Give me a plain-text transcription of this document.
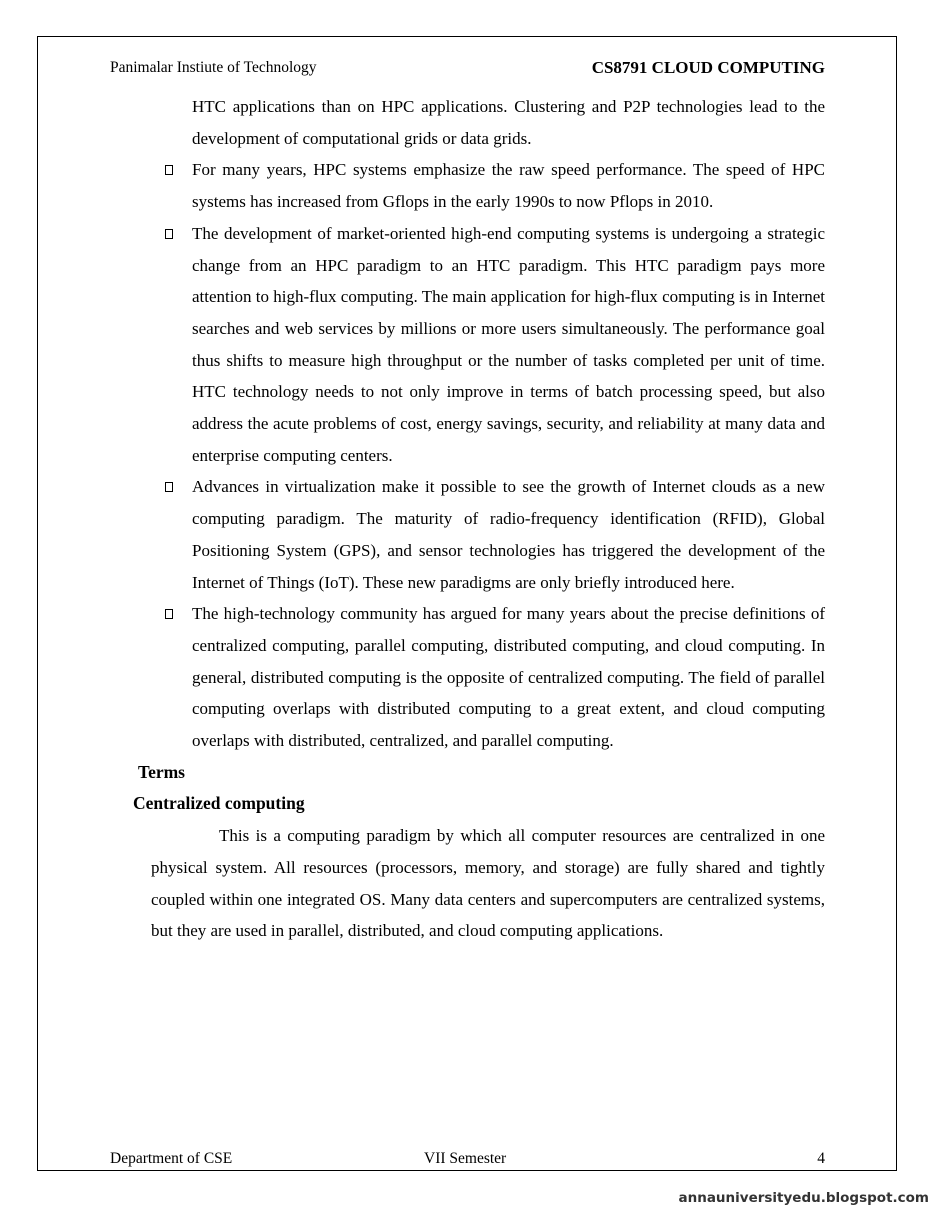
Panimalar Instiute of Technology	CS8791 CLOUD COMPUTING
HTC applications than on HPC applications. Clustering and P2P technologies lead to the development of computational grids or data grids.
For many years, HPC systems emphasize the raw speed performance. The speed of HPC systems has increased from Gflops in the early 1990s to now Pflops in 2010.
The development of market-oriented high-end computing systems is undergoing a strategic change from an HPC paradigm to an HTC paradigm. This HTC paradigm pays more attention to high-flux computing. The main application for high-flux computing is in Internet searches and web services by millions or more users simultaneously. The performance goal thus shifts to measure high throughput or the number of tasks completed per unit of time. HTC technology needs to not only improve in terms of batch processing speed, but also address the acute problems of cost, energy savings, security, and reliability at many data and enterprise computing centers.
Advances in virtualization make it possible to see the growth of Internet clouds as a new computing paradigm. The maturity of radio-frequency identification (RFID), Global Positioning System (GPS), and sensor technologies has triggered the development of the Internet of Things (IoT). These new paradigms are only briefly introduced here.
The high-technology community has argued for many years about the precise definitions of centralized computing, parallel computing, distributed computing, and cloud computing. In general, distributed computing is the opposite of centralized computing. The field of parallel computing overlaps with distributed computing to a great extent, and cloud computing overlaps with distributed, centralized, and parallel computing.
Terms
Centralized computing
This is a computing paradigm by which all computer resources are centralized in one physical system. All resources (processors, memory, and storage) are fully shared and tightly coupled within one integrated OS. Many data centers and supercomputers are centralized systems, but they are used in parallel, distributed, and cloud computing applications.
Department of CSE	VII Semester	4
annauniversityedu.blogspot.com
